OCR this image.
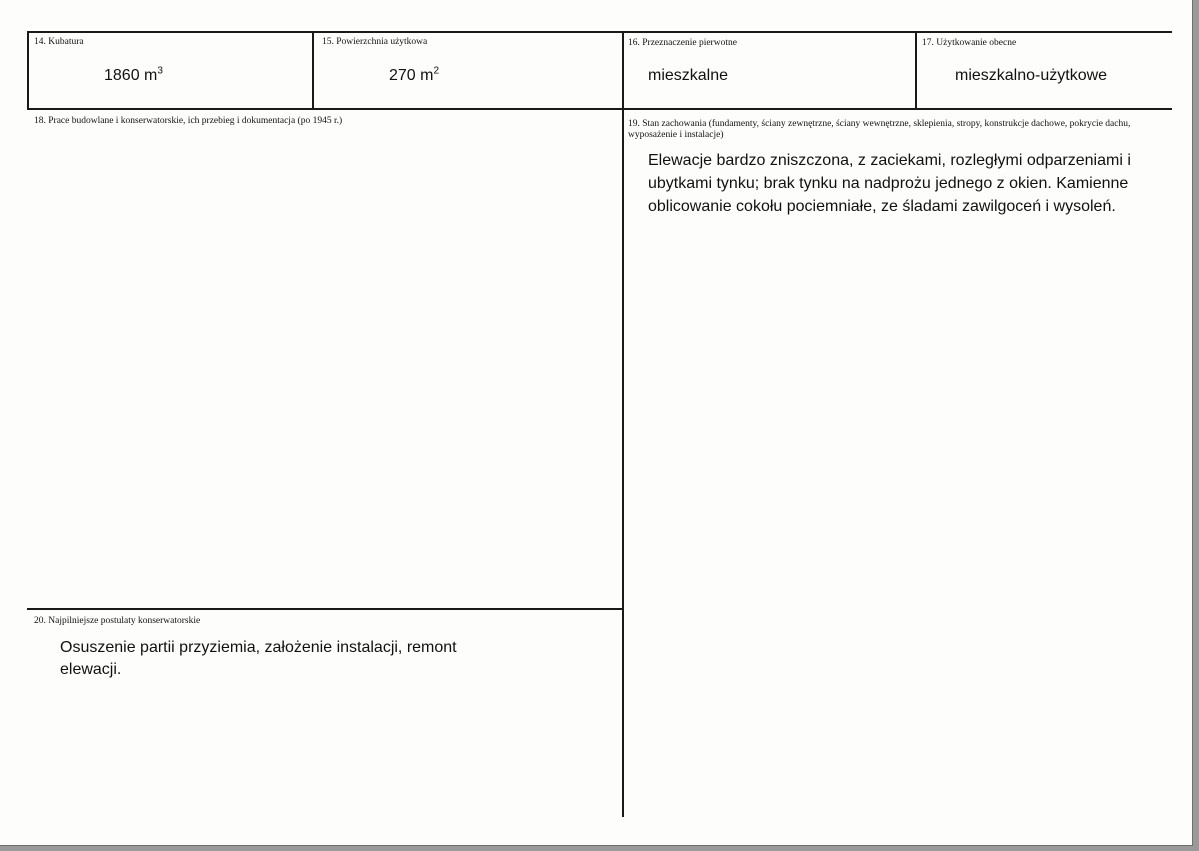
14. Kubatura
1860 $m^3$
15. Powierzchnia użytkowa
270 $m^2$
16. Przeznaczenie pierwotne
mieszkalne
17. Użytkowanie obecne
mieszkalno-użytkowe
18. Prace budowlane i konserwatorskie, ich przebieg i dokumentacja (po 1945 r.)	19. Stan zachowania (fundamenty, ściany zewnętrzne, ściany wewnętrzne, sklepienia, stropy, konstrukcje dachowe, pokrycie dachu, wyposażenie i instalacje)
Elewacje bardzo zniszczona, z zaciekami, rozległymi odparzeniami i ubytkami tynku; brak tynku na nadprożu jednego z okien. Kamienne oblicowanie cokołu pociemniałe, ze śladami zawilgoceń i wysoleń.
20. Najpilniejsze postulaty konserwatorskie
Osuszenie partii przyziemia, założenie instalacji, remont elewacji.
